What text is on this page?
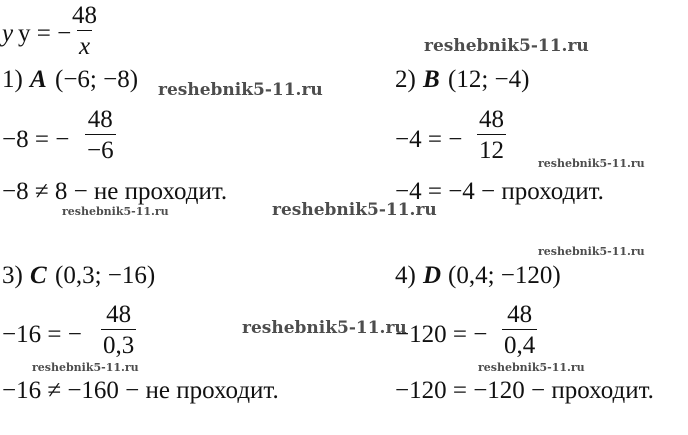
y y = −
$\frac{48}{x}$
1) A (−6; −8)
−8 = − $\frac{48}{-6}$
−8 ≠ 8 − не проходит.
2) B (12; −4)
−4 = − $\frac{48}{12}$
−4 = −4 − проходит.
3) C (0,3; −16)
−16 = − $\frac{48}{0,3}$
−16 ≠ −160 − не проходит.
4) D (0,4; −120)
−120 = − $\frac{48}{0,4}$
−120 = −120 − проходит.
reshebnik5-11.ru
reshebnik5-11.ru
reshebnik5-11.ru
reshebnik5-11.ru	reshebnik5-11.ru
reshebnik5-11.ru
reshebnik5-11.ru
reshebnik5-11.ru	reshebnik5-11.ru
